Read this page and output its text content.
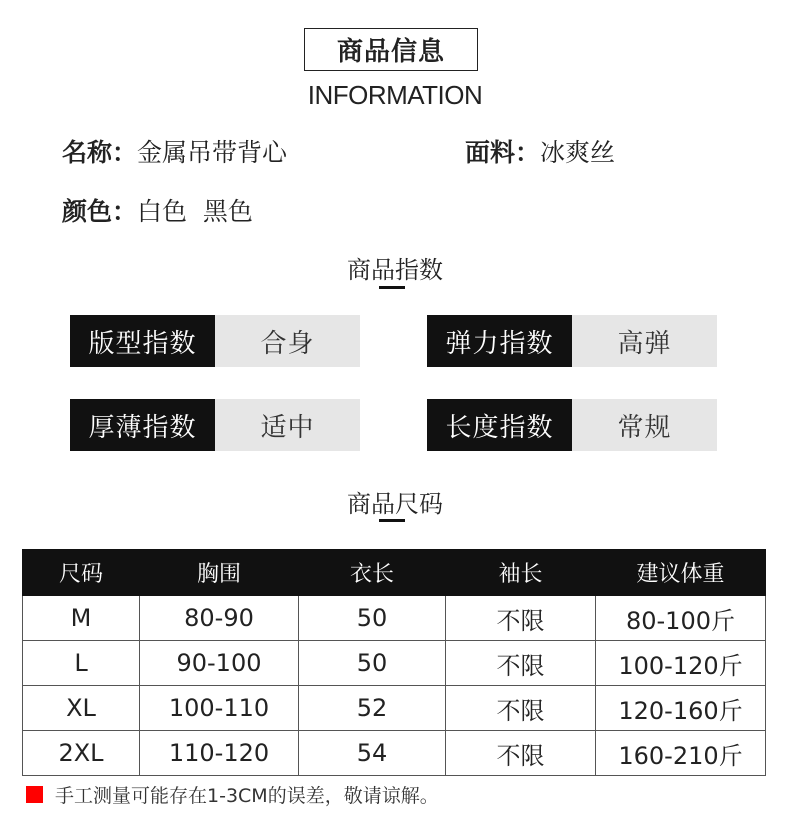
商品信息
INFORMATION
名称：金属吊带背心	面料：冰爽丝
颜色：白色  黑色
商品指数
版型指数	合身	弹力指数	高弹
厚薄指数	适中	长度指数	常规
商品尺码
尺码	胸围	衣长	袖长	建议体重
M	80-90	50	不限	80-100斤
L	90-100	50	不限	100-120斤
XL	100-110	52	不限	120-160斤
2XL	110-120	54	不限	160-210斤
手工测量可能存在1-3CM的误差，敬请谅解。
